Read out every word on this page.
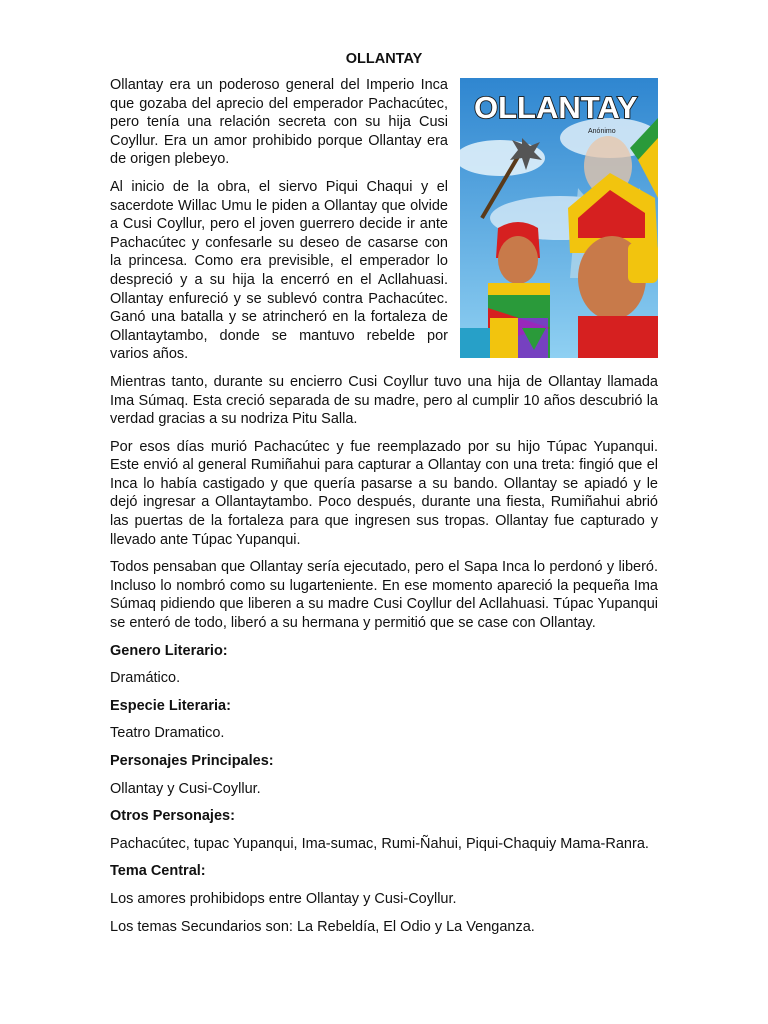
OLLANTAY
OLLANTAY
Anónimo

Ollantay era un poderoso general del Imperio Inca que gozaba del aprecio del emperador Pachacútec, pero tenía una relación secreta con su hija Cusi Coyllur. Era un amor prohibido porque Ollantay era de origen plebeyo.

Al inicio de la obra, el siervo Piqui Chaqui y el sacerdote Willac Umu le piden a Ollantay que olvide a Cusi Coyllur, pero el joven guerrero decide ir ante Pachacútec y confesarle su deseo de casarse con la princesa. Como era previsible, el emperador lo despreció y a su hija la encerró en el Acllahuasi. Ollantay enfureció y se sublevó contra Pachacútec. Ganó una batalla y se atrincheró en la fortaleza de Ollantaytambo, donde se mantuvo rebelde por varios años.

Mientras tanto, durante su encierro Cusi Coyllur tuvo una hija de Ollantay llamada Ima Súmaq. Esta creció separada de su madre, pero al cumplir 10 años descubrió la verdad gracias a su nodriza Pitu Salla.

Por esos días murió Pachacútec y fue reemplazado por su hijo Túpac Yupanqui. Este envió al general Rumiñahui para capturar a Ollantay con una treta: fingió que el Inca lo había castigado y que quería pasarse a su bando. Ollantay se apiadó y le dejó ingresar a Ollantaytambo. Poco después, durante una fiesta, Rumiñahui abrió las puertas de la fortaleza para que ingresen sus tropas. Ollantay fue capturado y llevado ante Túpac Yupanqui.

Todos pensaban que Ollantay sería ejecutado, pero el Sapa Inca lo perdonó y liberó. Incluso lo nombró como su lugarteniente. En ese momento apareció la pequeña Ima Súmaq pidiendo que liberen a su madre Cusi Coyllur del Acllahuasi. Túpac Yupanqui se enteró de todo, liberó a su hermana y permitió que se case con Ollantay.

Genero Literario:

Dramático.

Especie Literaria:

Teatro Dramatico.

Personajes Principales:

Ollantay y Cusi-Coyllur.

Otros Personajes:

Pachacútec, tupac Yupanqui, Ima-sumac, Rumi-Ñahui, Piqui-Chaquiy Mama-Ranra.

Tema Central:

Los amores prohibidops entre Ollantay y Cusi-Coyllur.

Los temas Secundarios son: La Rebeldía, El Odio y La Venganza.
